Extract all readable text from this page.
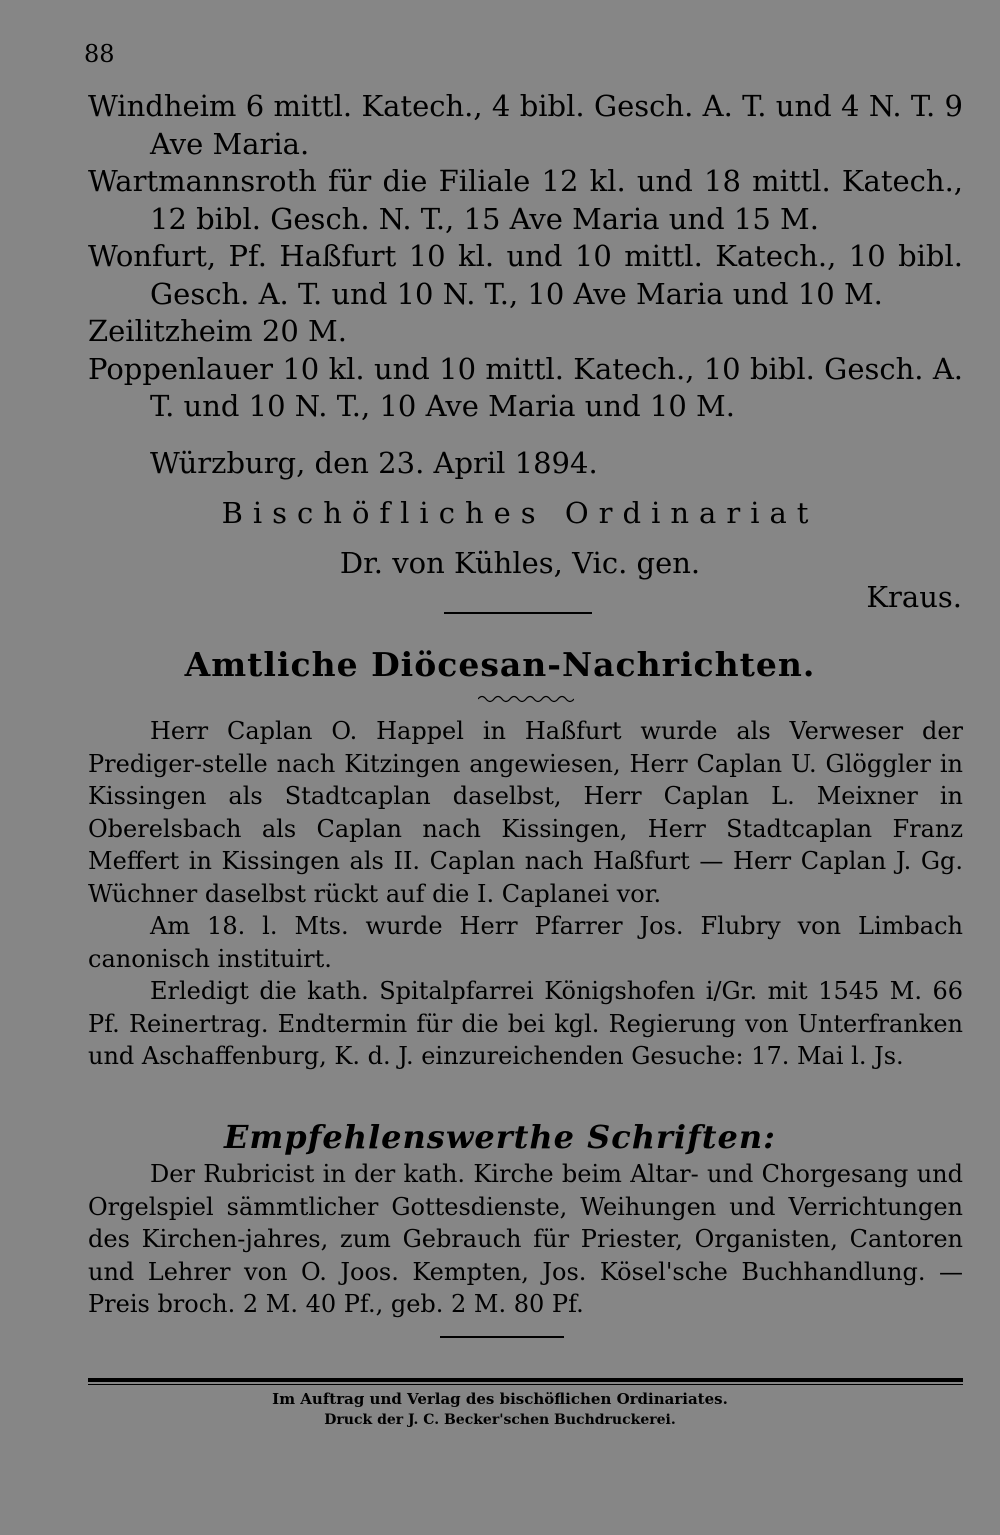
88
Windheim 6 mittl. Katech., 4 bibl. Gesch. A. T. und 4 N. T. 9 Ave Maria.
Wartmannsroth für die Filiale 12 kl. und 18 mittl. Katech., 12 bibl. Gesch. N. T., 15 Ave Maria und 15 M.
Wonfurt, Pf. Haßfurt 10 kl. und 10 mittl. Katech., 10 bibl. Gesch. A. T. und 10 N. T., 10 Ave Maria und 10 M.
Zeilitzheim 20 M.
Poppenlauer 10 kl. und 10 mittl. Katech., 10 bibl. Gesch. A. T. und 10 N. T., 10 Ave Maria und 10 M.
Würzburg, den 23. April 1894.
Bischöfliches Ordinariat
Dr. von Kühles, Vic. gen.
Kraus.
Amtliche Diöcesan-Nachrichten.

Herr Caplan O. Happel in Haßfurt wurde als Verweser der Prediger-stelle nach Kitzingen angewiesen, Herr Caplan U. Glöggler in Kissingen als Stadtcaplan daselbst, Herr Caplan L. Meixner in Oberelsbach als Caplan nach Kissingen, Herr Stadtcaplan Franz Meffert in Kissingen als II. Caplan nach Haßfurt — Herr Caplan J. Gg. Wüchner daselbst rückt auf die I. Caplanei vor.

Am 18. l. Mts. wurde Herr Pfarrer Jos. Flubry von Limbach canonisch instituirt.

Erledigt die kath. Spitalpfarrei Königshofen i/Gr. mit 1545 M. 66 Pf. Reinertrag. Endtermin für die bei kgl. Regierung von Unterfranken und Aschaffenburg, K. d. J. einzureichenden Gesuche: 17. Mai l. Js.

Empfehlenswerthe Schriften:

Der Rubricist in der kath. Kirche beim Altar- und Chorgesang und Orgelspiel sämmtlicher Gottesdienste, Weihungen und Verrichtungen des Kirchen-jahres, zum Gebrauch für Priester, Organisten, Cantoren und Lehrer von O. Joos. Kempten, Jos. Kösel'sche Buchhandlung. — Preis broch. 2 M. 40 Pf., geb. 2 M. 80 Pf.

Im Auftrag und Verlag des bischöflichen Ordinariates.
Druck der J. C. Becker'schen Buchdruckerei.
